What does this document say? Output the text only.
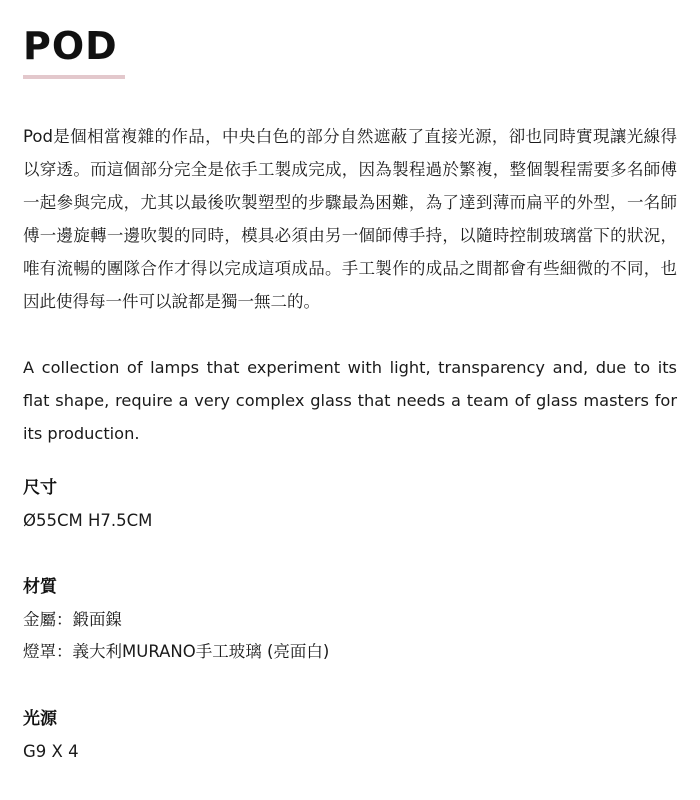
POD

Pod是個相當複雜的作品，中央白色的部分自然遮蔽了直接光源，卻也同時實現讓光線得以穿透。而這個部分完全是依手工製成完成，因為製程過於繁複，整個製程需要多名師傅一起參與完成，尤其以最後吹製塑型的步驟最為困難，為了達到薄而扁平的外型，一名師傅一邊旋轉一邊吹製的同時，模具必須由另一個師傅手持，以隨時控制玻璃當下的狀況，唯有流暢的團隊合作才得以完成這項成品。手工製作的成品之間都會有些細微的不同，也因此使得每一件可以說都是獨一無二的。

A collection of lamps that experiment with light, transparency and, due to its flat shape, require a very complex glass that needs a team of glass masters for its production.

尺寸
Ø55CM H7.5CM
材質
金屬：鍛面鎳
燈罩：義大利MURANO手工玻璃 (亮面白)
光源
G9 X 4
